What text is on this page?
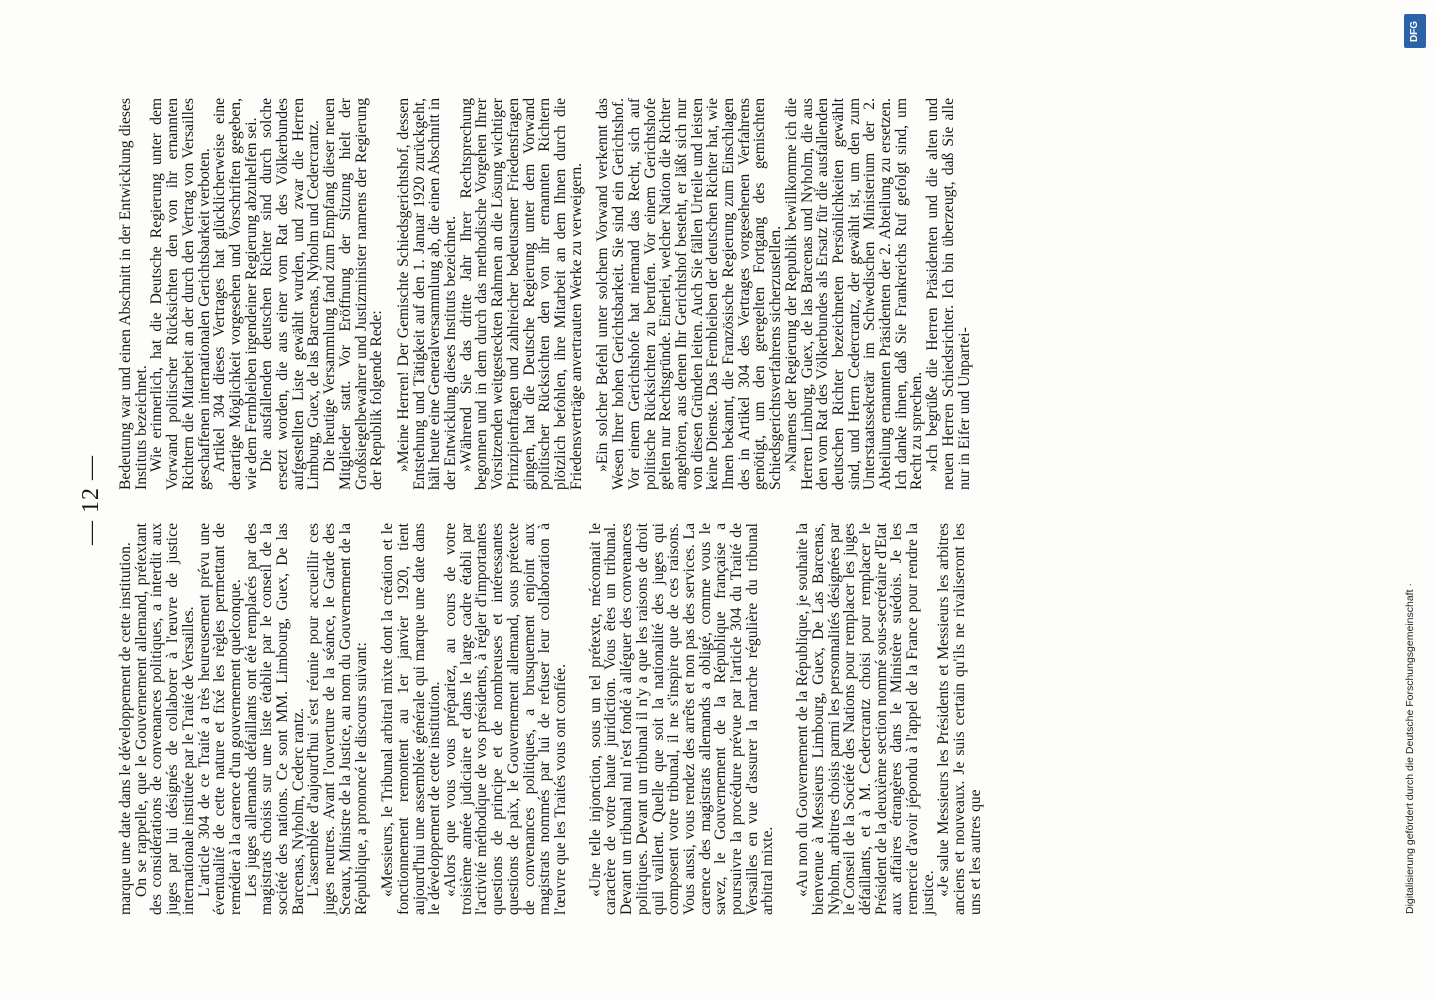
— 12 —

marque une date dans le développement de cette institution.

On se rappelle, que le Gouvernement allemand, prétextant des considérations de convenances politiques, a interdit aux juges par lui désignés de collaborer à l'œuvre de justice internationale instituée par le Traité de Versailles.

L'article 304 de ce Traité a très heureusement prévu une éventualité de cette nature et fixé les règles permettant de remédier à la carence d'un gouvernement quelconque.

Les juges allemands défaillants ont été remplacés par des magistrats choisis sur une liste établie par le conseil de la société des nations. Ce sont MM. Limbourg, Guex, De las Barcenas, Nyholm, Cederc rantz.

L'assemblée d'aujourd'hui s'est réunie pour accueillir ces juges neutres. Avant l'ouverture de la séance, le Garde des Sceaux, Ministre de la Justice, au nom du Gouvernement de la République, a prononcé le discours suivant: «Messieurs, le Tribunal arbitral mixte dont la création et le fonctionnement remontent au 1er janvier 1920, tient aujourd'hui une assemblée générale qui marque une date dans le développement de cette institution.

«Alors que vous vous prépariez, au cours de votre troisième année judiciaire et dans le large cadre établi par l'activité méthodique de vos présidents, à régler d'importantes questions de principe et de nombreuses et intéressantes questions de paix, le Gouvernement allemand, sous prétexte de convenances politiques, a brusquement enjoint aux magistrats nommés par lui de refuser leur collaboration à l'œuvre que les Traités vous ont confiée. «Une telle injonction, sous un tel prétexte, méconnait le caractère de votre haute juridiction. Vous êtes un tribunal. Devant un tribunal nul n'est fondé à alléguer des convenances politiques. Devant un tribunal il n'y a que les raisons de droit quil vaillent. Quelle que soit la nationalité des juges qui composent votre tribunal, il ne s'inspire que de ces raisons. Vous aussi, vous rendez des arrêts et non pas des services. La carence des magistrats allemands a obligé, comme vous le savez, le Gouvernement de la République française a poursuivre la procédure prévue par l'article 304 du Traité de Versailles en vue d'assurer la marche régulière du tribunal arbitral mixte. «Au non du Gouvernement de la République, je souhaite la bienvenue à Messieurs Limbourg, Guex, De Las Barcenas, Nyholm, arbitres choisis parmi les personnalités désignées par le Conseil de la Société des Nations pour remplacer les juges défaillants, et à M. Cedercrantz choisi pour remplacer le Président de la deuxième section nommé sous-secrétaire d'Etat aux affaires étrangères dans le Ministère suédois. Je les remercie d'avoir jépondu à l'appel de la France pour rendre la justice.

«Je salue Messieurs les Présidents et Messieurs les arbitres anciens et nouveaux. Je suis certain qu'ils ne rivaliseront les uns et les autres que

Bedeutung war und einen Abschnitt in der Entwicklung dieses Instituts bezeichnet.

Wie erinnerlich, hat die Deutsche Regierung unter dem Vorwand politischer Rücksichten den von ihr ernannten Richtern die Mitarbeit an der durch den Vertrag von Versailles geschaffenen internationalen Gerichtsbarkeit verboten.

Artikel 304 dieses Vertrages hat glücklicherweise eine derartige Möglichkeit vorgesehen und Vorschriften gegeben, wie dem Fernbleiben irgendeiner Regierung abzuhelfen sei.

Die ausfallenden deutschen Richter sind durch solche ersetzt worden, die aus einer vom Rat des Völkerbundes aufgestellten Liste gewählt wurden, und zwar die Herren Limburg, Guex, de las Barcenas, Nyholm und Cedercrantz.

Die heutige Versammlung fand zum Empfang dieser neuen Mitglieder statt. Vor Eröffnung der Sitzung hielt der Großsiegelbewahrer und Justizminister namens der Regierung der Republik folgende Rede: »Meine Herren! Der Gemischte Schiedsgerichtshof, dessen Entstehung und Tätigkeit auf den 1. Januar 1920 zurückgeht, hält heute eine Generalversammlung ab, die einen Abschnitt in der Entwicklung dieses Instituts bezeichnet.

»Während Sie das dritte Jahr Ihrer Rechtsprechung begonnen und in dem durch das methodische Vorgehen Ihrer Vorsitzenden weitgesteckten Rahmen an die Lösung wichtiger Prinzipienfragen und zahlreicher bedeutsamer Friedensfragen gingen, hat die Deutsche Regierung unter dem Vorwand politischer Rücksichten den von ihr ernannten Richtern plötzlich befohlen, ihre Mitarbeit an dem Ihnen durch die Friedensverträge anvertrauten Werke zu verweigern. »Ein solcher Befehl unter solchem Vorwand verkennt das Wesen Ihrer hohen Gerichtsbarkeit. Sie sind ein Gerichtshof. Vor einem Gerichtshofe hat niemand das Recht, sich auf politische Rücksichten zu berufen. Vor einem Gerichtshofe gelten nur Rechtsgründe. Einerlei, welcher Nation die Richter angehören, aus denen Ihr Gerichtshof besteht, er läßt sich nur von diesen Gründen leiten. Auch Sie fällen Urteile und leisten keine Dienste. Das Fernbleiben der deutschen Richter hat, wie Ihnen bekannt, die Französische Regierung zum Einschlagen des in Artikel 304 des Vertrages vorgesehenen Verfahrens genötigt, um den geregelten Fortgang des gemischten Schiedsgerichtsverfahrens sicherzustellen.

»Namens der Regierung der Republik bewillkomme ich die Herren Limburg, Guex, de las Barcenas und Nyholm, die aus den vom Rat des Völkerbundes als Ersatz für die ausfallenden deutschen Richter bezeichneten Persönlichkeiten gewählt sind, und Herrn Cedercrantz, der gewählt ist, um den zum Unterstaatssekretär im Schwedischen Ministerium der 2. Abteilung ernannten Präsidenten der 2. Abteilung zu ersetzen. Ich danke ihnen, daß Sie Frankreichs Ruf gefolgt sind, um Recht zu sprechen.

»Ich begrüße die Herren Präsidenten und die alten und neuen Herren Schiedsrichter. Ich bin überzeugt, daß Sie alle nur in Eifer und Unpartei-

DFG
Digitalisierung gefördert durch die Deutsche Forschungsgemeinschaft ·
